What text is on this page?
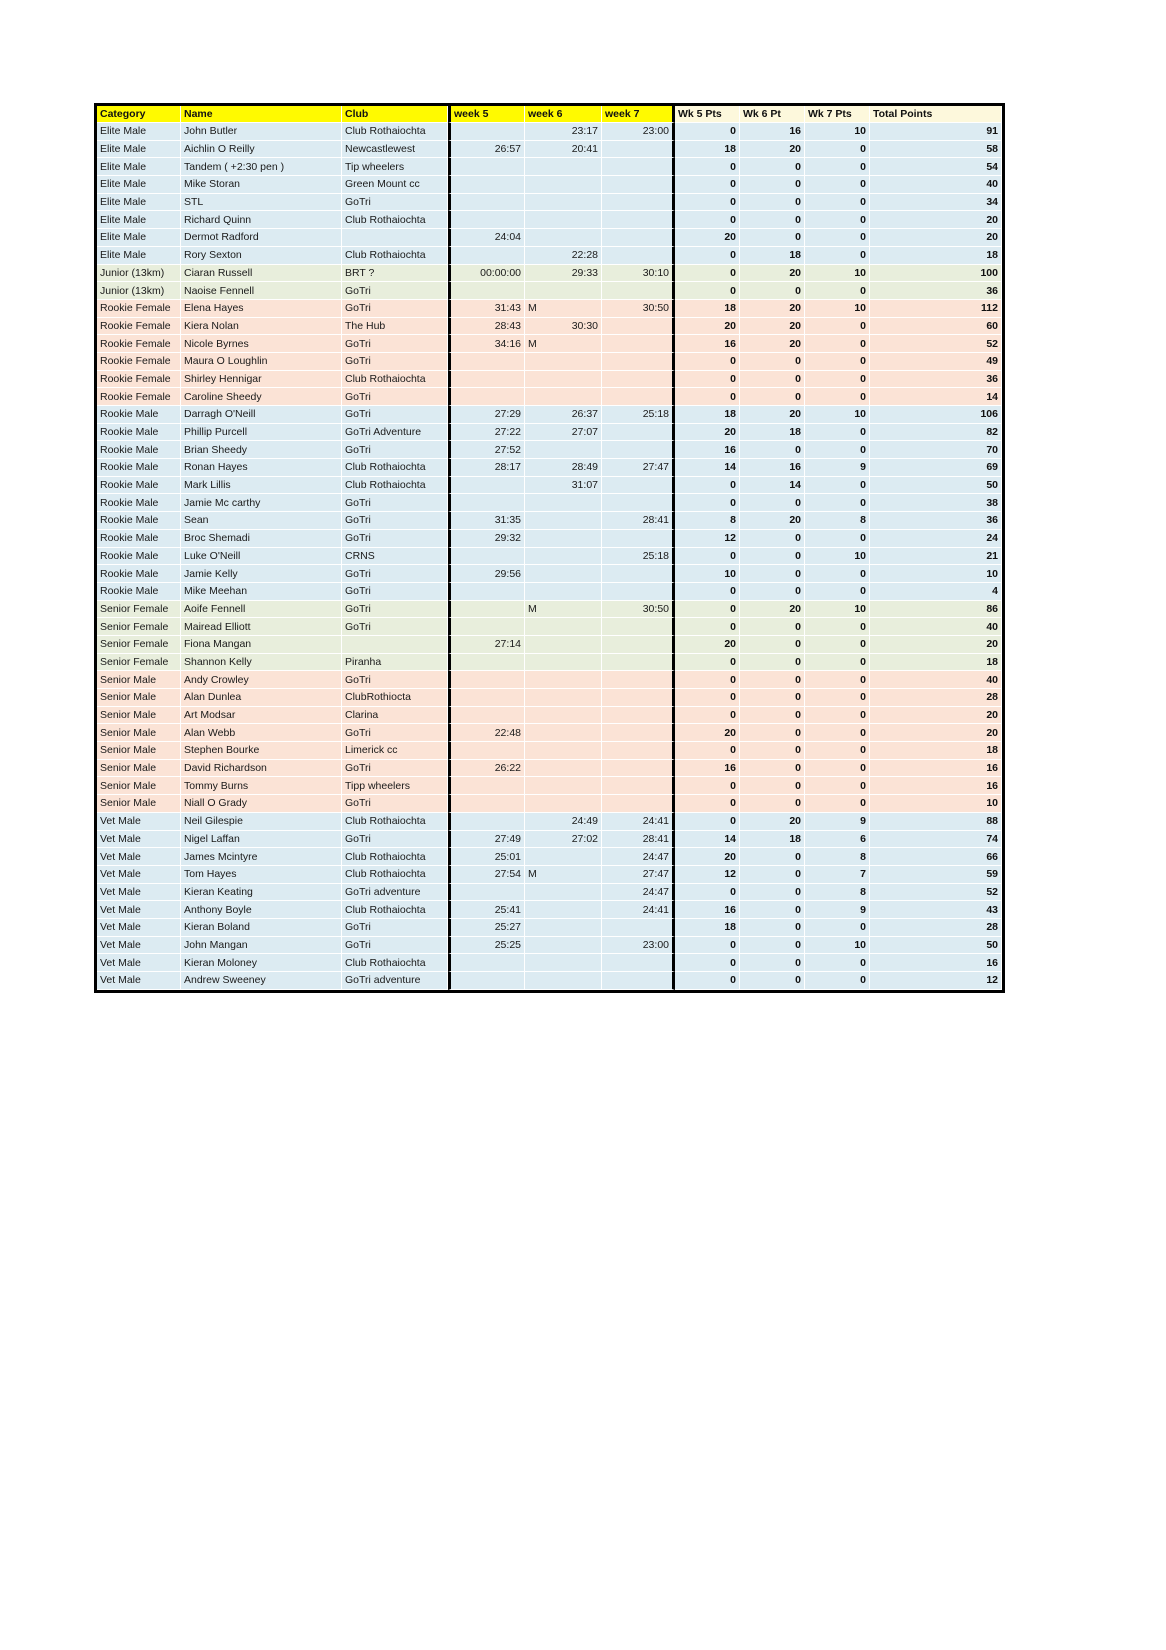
Category	Name	Club	week 5	week 6	week 7	Wk 5 Pts	Wk 6 Pt	Wk 7 Pts	Total Points
Elite Male	John Butler	Club Rothaiochta		23:17	23:00	0	16	10	91
Elite Male	Aichlin O Reilly	Newcastlewest	26:57	20:41		18	20	0	58
Elite Male	Tandem ( +2:30 pen )	Tip wheelers				0	0	0	54
Elite Male	Mike Storan	Green Mount cc				0	0	0	40
Elite Male	STL	GoTri				0	0	0	34
Elite Male	Richard Quinn	Club Rothaiochta				0	0	0	20
Elite Male	Dermot Radford		24:04			20	0	0	20
Elite Male	Rory Sexton	Club Rothaiochta		22:28		0	18	0	18
Junior (13km)	Ciaran Russell	BRT ?	00:00:00	29:33	30:10	0	20	10	100
Junior (13km)	Naoise Fennell	GoTri				0	0	0	36
Rookie Female	Elena Hayes	GoTri	31:43	M	30:50	18	20	10	112
Rookie Female	Kiera Nolan	The Hub	28:43	30:30		20	20	0	60
Rookie Female	Nicole Byrnes	GoTri	34:16	M		16	20	0	52
Rookie Female	Maura O Loughlin	GoTri				0	0	0	49
Rookie Female	Shirley Hennigar	Club Rothaiochta				0	0	0	36
Rookie Female	Caroline Sheedy	GoTri				0	0	0	14
Rookie Male	Darragh O'Neill	GoTri	27:29	26:37	25:18	18	20	10	106
Rookie Male	Phillip Purcell	GoTri Adventure	27:22	27:07		20	18	0	82
Rookie Male	Brian Sheedy	GoTri	27:52			16	0	0	70
Rookie Male	Ronan Hayes	Club Rothaiochta	28:17	28:49	27:47	14	16	9	69
Rookie Male	Mark Lillis	Club Rothaiochta		31:07		0	14	0	50
Rookie Male	Jamie Mc carthy	GoTri				0	0	0	38
Rookie Male	Sean	GoTri	31:35		28:41	8	20	8	36
Rookie Male	Broc Shemadi	GoTri	29:32			12	0	0	24
Rookie Male	Luke O'Neill	CRNS			25:18	0	0	10	21
Rookie Male	Jamie Kelly	GoTri	29:56			10	0	0	10
Rookie Male	Mike Meehan	GoTri				0	0	0	4
Senior Female	Aoife Fennell	GoTri		M	30:50	0	20	10	86
Senior Female	Mairead Elliott	GoTri				0	0	0	40
Senior Female	Fiona Mangan		27:14			20	0	0	20
Senior Female	Shannon Kelly	Piranha				0	0	0	18
Senior Male	Andy Crowley	GoTri				0	0	0	40
Senior Male	Alan Dunlea	ClubRothiocta				0	0	0	28
Senior Male	Art Modsar	Clarina				0	0	0	20
Senior Male	Alan Webb	GoTri	22:48			20	0	0	20
Senior Male	Stephen Bourke	Limerick cc				0	0	0	18
Senior Male	David Richardson	GoTri	26:22			16	0	0	16
Senior Male	Tommy Burns	Tipp wheelers				0	0	0	16
Senior Male	Niall O Grady	GoTri				0	0	0	10
Vet Male	Neil Gilespie	Club Rothaiochta		24:49	24:41	0	20	9	88
Vet Male	Nigel Laffan	GoTri	27:49	27:02	28:41	14	18	6	74
Vet Male	James Mcintyre	Club Rothaiochta	25:01		24:47	20	0	8	66
Vet Male	Tom Hayes	Club Rothaiochta	27:54	M	27:47	12	0	7	59
Vet Male	Kieran Keating	GoTri adventure			24:47	0	0	8	52
Vet Male	Anthony Boyle	Club Rothaiochta	25:41		24:41	16	0	9	43
Vet Male	Kieran Boland	GoTri	25:27			18	0	0	28
Vet Male	John Mangan	GoTri	25:25		23:00	0	0	10	50
Vet Male	Kieran Moloney	Club Rothaiochta				0	0	0	16
Vet Male	Andrew Sweeney	GoTri adventure				0	0	0	12
